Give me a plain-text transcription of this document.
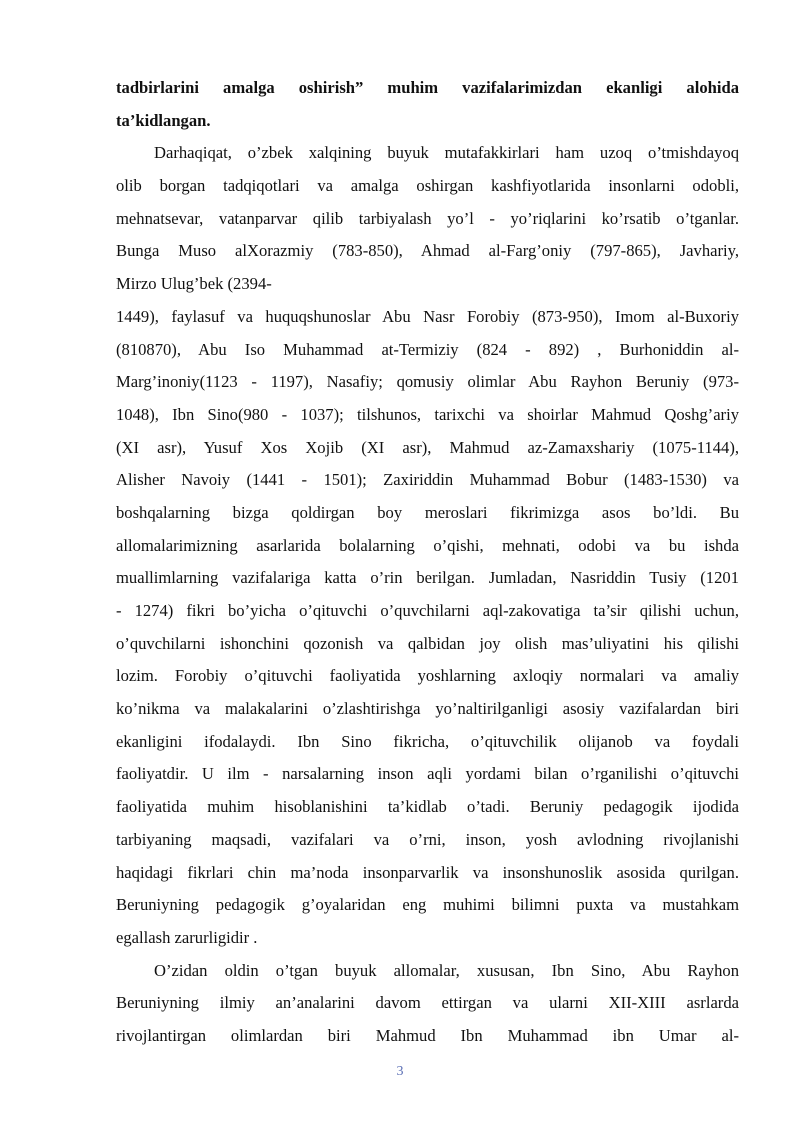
tadbirlarini amalga oshirish” muhim vazifalarimizdan ekanligi alohida
ta’kidlangan.
Darhaqiqat, o’zbek xalqining buyuk mutafakkirlari ham uzoq o’tmishdayoq
olib borgan tadqiqotlari va amalga oshirgan kashfiyotlarida insonlarni odobli,
mehnatsevar, vatanparvar qilib tarbiyalash yo’l - yo’riqlarini ko’rsatib o’tganlar.
Bunga Muso alXorazmiy (783-850), Ahmad al-Farg’oniy (797-865), Javhariy,
Mirzo Ulug’bek (2394-
1449), faylasuf va huquqshunoslar Abu Nasr Forobiy (873-950), Imom al-Buxoriy
(810870), Abu Iso Muhammad at-Termiziy (824 - 892) , Burhoniddin al-
Marg’inoniy(1123 - 1197), Nasafiy; qomusiy olimlar Abu Rayhon Beruniy (973-
1048), Ibn Sino(980 - 1037); tilshunos, tarixchi va shoirlar Mahmud Qoshg’ariy
(XI asr), Yusuf Xos Xojib (XI asr), Mahmud az-Zamaxshariy (1075-1144),
Alisher Navoiy (1441 - 1501); Zaxiriddin Muhammad Bobur (1483-1530) va
boshqalarning bizga qoldirgan boy meroslari fikrimizga asos bo’ldi. Bu
allomalarimizning asarlarida bolalarning o’qishi, mehnati, odobi va bu ishda
muallimlarning vazifalariga katta o’rin berilgan. Jumladan, Nasriddin Tusiy (1201
- 1274) fikri bo’yicha o’qituvchi o’quvchilarni aql-zakovatiga ta’sir qilishi uchun,
o’quvchilarni ishonchini qozonish va qalbidan joy olish mas’uliyatini his qilishi
lozim. Forobiy o’qituvchi faoliyatida yoshlarning axloqiy normalari va amaliy
ko’nikma va malakalarini o’zlashtirishga yo’naltirilganligi asosiy vazifalardan biri
ekanligini ifodalaydi. Ibn Sino fikricha, o’qituvchilik olijanob va foydali
faoliyatdir. U ilm - narsalarning inson aqli yordami bilan o’rganilishi o’qituvchi
faoliyatida muhim hisoblanishini ta’kidlab o’tadi. Beruniy pedagogik ijodida
tarbiyaning maqsadi, vazifalari va o’rni, inson, yosh avlodning rivojlanishi
haqidagi fikrlari chin ma’noda insonparvarlik va insonshunoslik asosida qurilgan.
Beruniyning pedagogik g’oyalaridan eng muhimi bilimni puxta va mustahkam
egallash zarurligidir .
O’zidan oldin o’tgan buyuk allomalar, xususan, Ibn Sino, Abu Rayhon
Beruniyning ilmiy an’analarini davom ettirgan va ularni XII-XIII asrlarda
rivojlantirgan olimlardan biri Mahmud Ibn Muhammad ibn Umar al-
3
